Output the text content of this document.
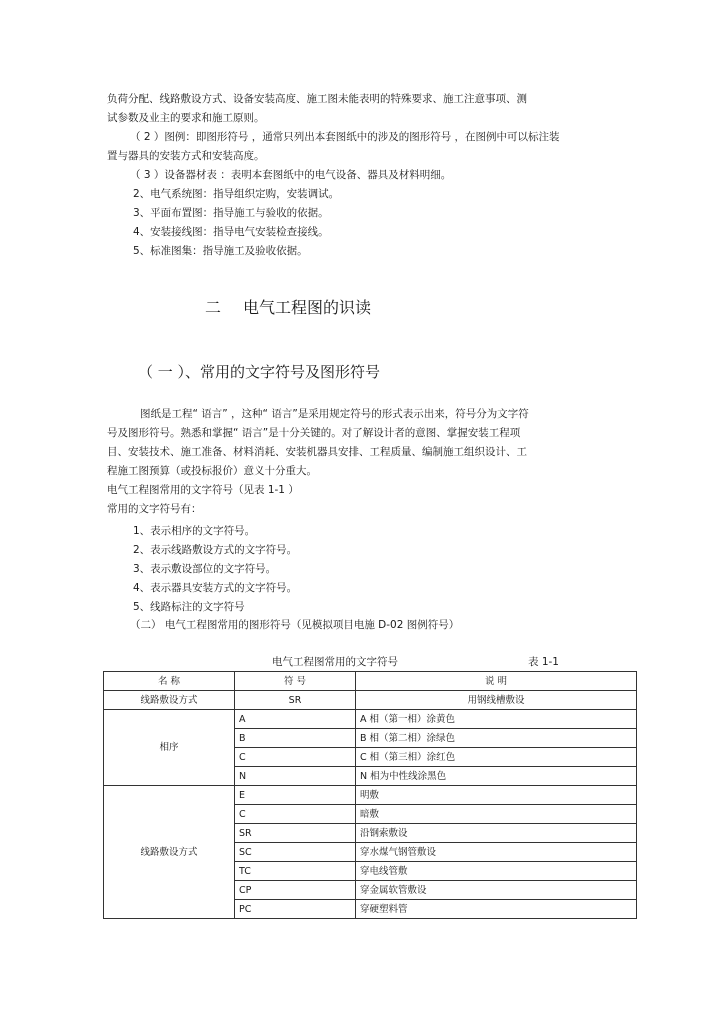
负荷分配、线路敷设方式、设备安装高度、施工图未能表明的特殊要求、施工注意事项、测
试参数及业主的要求和施工原则。
（ 2 ）图例：即图形符号 ，通常只列出本套图纸中的涉及的图形符号 ，在图例中可以标注装
置与器具的安装方式和安装高度。
（ 3 ）设备器材表 ：表明本套图纸中的电气设备、器具及材料明细。
2、电气系统图：指导组织定购，安装调试。
3、平面布置图：指导施工与验收的依据。
4、安装接线图：指导电气安装检查接线。
5、标准图集：指导施工及验收依据。
二 电气工程图的识读
（ 一 ）、常用的文字符号及图形符号
图纸是工程“ 语言” ，这种“ 语言”是采用规定符号的形式表示出来，符号分为文字符
号及图形符号。熟悉和掌握“ 语言”是十分关键的。对了解设计者的意图、掌握安装工程项
目、安装技术、施工准备、材料消耗、安装机器具安排、工程质量、编制施工组织设计、工
程施工图预算（或投标报价）意义十分重大。
电气工程图常用的文字符号（见表 1-1 ）
常用的文字符号有：
1、表示相序的文字符号。
2、表示线路敷设方式的文字符号。
3、表示敷设部位的文字符号。
4、表示器具安装方式的文字符号。
5、线路标注的文字符号
（二） 电气工程图常用的图形符号（见模拟项目电施 D-02 图例符号）
电气工程图常用的文字符号	表 1-1
名 称	符 号	说 明
线路敷设方式	SR	用钢线槽敷设
相序	A	A 相（第一相）涂黄色
	B	B 相（第二相）涂绿色
	C	C 相（第三相）涂红色
	N	N 相为中性线涂黑色
线路敷设方式	E	明敷
	C	暗敷
	SR	沿钢索敷设
	SC	穿水煤气钢管敷设
	TC	穿电线管敷
	CP	穿金属软管敷设
	PC	穿硬塑料管
